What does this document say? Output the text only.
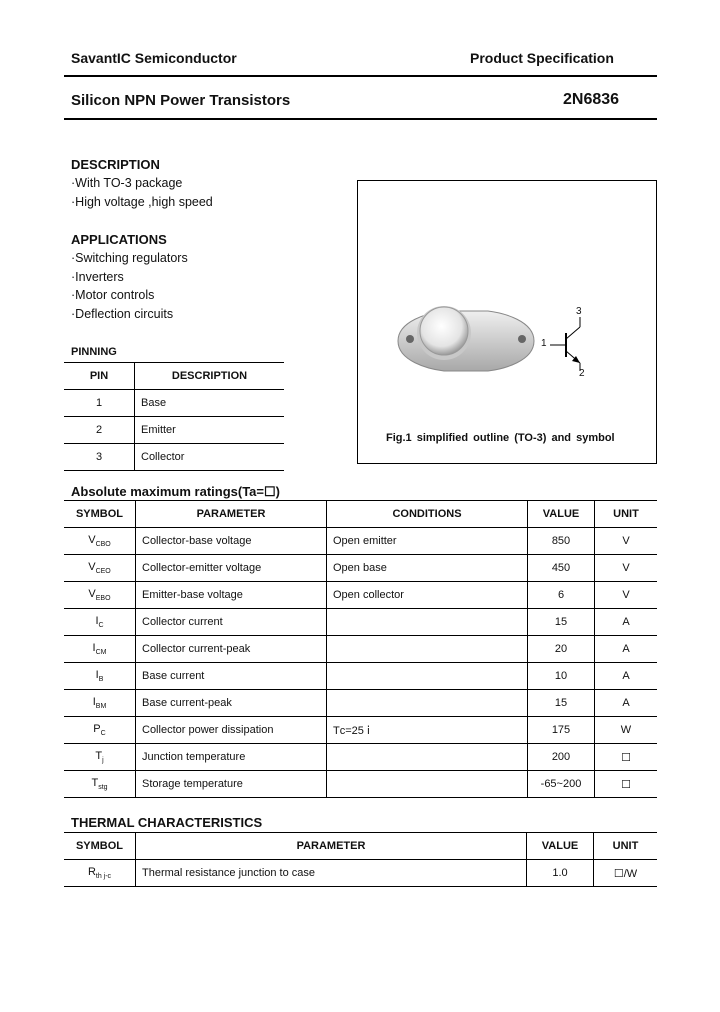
SavantIC Semiconductor	Product Specification
Silicon NPN Power Transistors	2N6836
DESCRIPTION
·With TO-3 package
·High voltage ,high speed
APPLICATIONS
·Switching regulators
·Inverters
·Motor controls
·Deflection circuits
PINNING
PIN	DESCRIPTION
1	Base
2	Emitter
3	Collector
1
2
3
Fig.1 simplified outline (TO-3) and symbol
Absolute maximum ratings(Ta=☐)
SYMBOL	PARAMETER	CONDITIONS	VALUE	UNIT
$V_{CBO}$	Collector-base voltage	Open emitter	850	V
$V_{CEO}$	Collector-emitter voltage	Open base	450	V
$V_{EBO}$	Emitter-base voltage	Open collector	6	V
$I_C$	Collector current		15	A
$I_{CM}$	Collector current-peak		20	A
$I_B$	Base current		10	A
$I_{BM}$	Base current-peak		15	A
$P_C$	Collector power dissipation	Tᴄ=25 ⅰ	175	W
$T_j$	Junction temperature		200	☐
$T_{stg}$	Storage temperature		-65~200	☐
THERMAL CHARACTERISTICS
SYMBOL	PARAMETER	VALUE	UNIT
$R_{th j-c}$	Thermal resistance junction to case	1.0	☐/W
